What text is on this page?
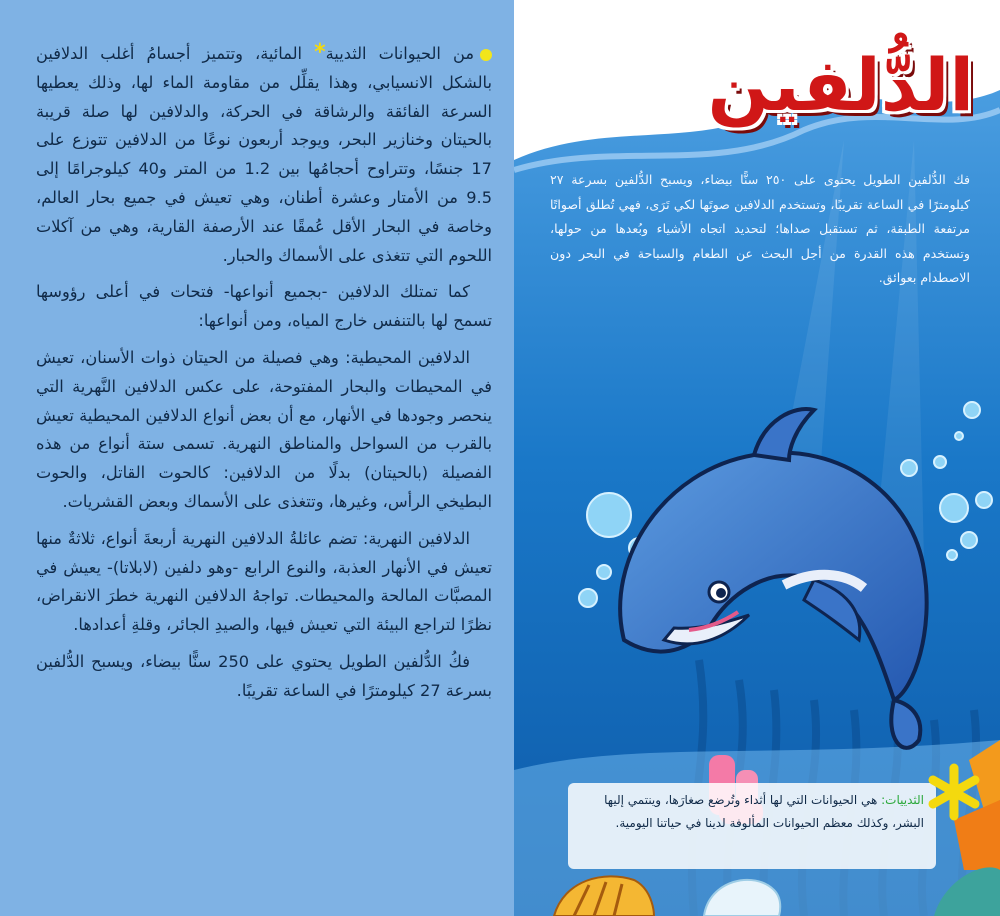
من الحيوانات الثديية* المائية، وتتميز أجسامُ أغلب الدلافين بالشكل الانسيابي، وهذا يقلِّل من مقاومة الماء لها، وذلك يعطيها السرعة الفائقة والرشاقة في الحركة، والدلافين لها صلة قريبة بالحيتان وخنازير البحر، ويوجد أربعون نوعًا من الدلافين تتوزع على 17 جنسًا، وتتراوح أحجامُها بين 1.2 من المتر و40 كيلوجرامًا إلى 9.5 من الأمتار وعشرة أطنان، وهي تعيش في جميع بحار العالم، وخاصة في البحار الأقل عُمقًا عند الأرصفة القارية، وهي من آكلات اللحوم التي تتغذى على الأسماك والحبار.

كما تمتلك الدلافين -بجميع أنواعها- فتحات في أعلى رؤوسها تسمح لها بالتنفس خارج المياه، ومن أنواعها:

الدلافين المحيطية: وهي فصيلة من الحيتان ذوات الأسنان، تعيش في المحيطات والبحار المفتوحة، على عكس الدلافين النَّهرية التي ينحصر وجودها في الأنهار، مع أن بعض أنواع الدلافين المحيطية تعيش بالقرب من السواحل والمناطق النهرية. تسمى ستة أنواع من هذه الفصيلة (بالحيتان) بدلًا من الدلافين: كالحوت القاتل، والحوت البطيخي الرأس، وغيرها، وتتغذى على الأسماك وبعض القشريات.

الدلافين النهرية: تضم عائلةُ الدلافين النهرية أربعةَ أنواع، ثلاثةٌ منها تعيش في الأنهار العذبة، والنوع الرابع -وهو دلفين (لابلاتا)- يعيش في المصبَّات المالحة والمحيطات. تواجهُ الدلافين النهرية خطرَ الانقراض، نظرًا لتراجع البيئة التي تعيش فيها، والصيدِ الجائر، وقلةِ أعدادها.

فكُ الدُّلفين الطويل يحتوي على 250 سنًّا بيضاء، ويسبح الدُّلفين بسرعة 27 كيلومترًا في الساعة تقريبًا.

الدُّلفين
فك الدُّلفين الطويل يحتوى على ٢٥٠ سنًّا بيضاء، ويسبح الدُّلفين بسرعة ٢٧ كيلومترًا في الساعة تقريبًا، وتستخدم الدلافين صوتَها لكي تَرَى، فهي تُطلق أصواتًا مرتفعة الطبقة، ثم تستقبل صداها؛ لتحديد اتجاه الأشياء وبُعدها من حولها، وتستخدم هذه القدرة من أجل البحث عن الطعام والسباحة في البحر دون الاصطدام بعوائق.
الثدييات: هي الحيوانات التي لها أثداء وتُرضع صغارَها، وينتمي إليها البشر، وكذلك معظم الحيوانات المألوفة لدينا في حياتنا اليومية.
